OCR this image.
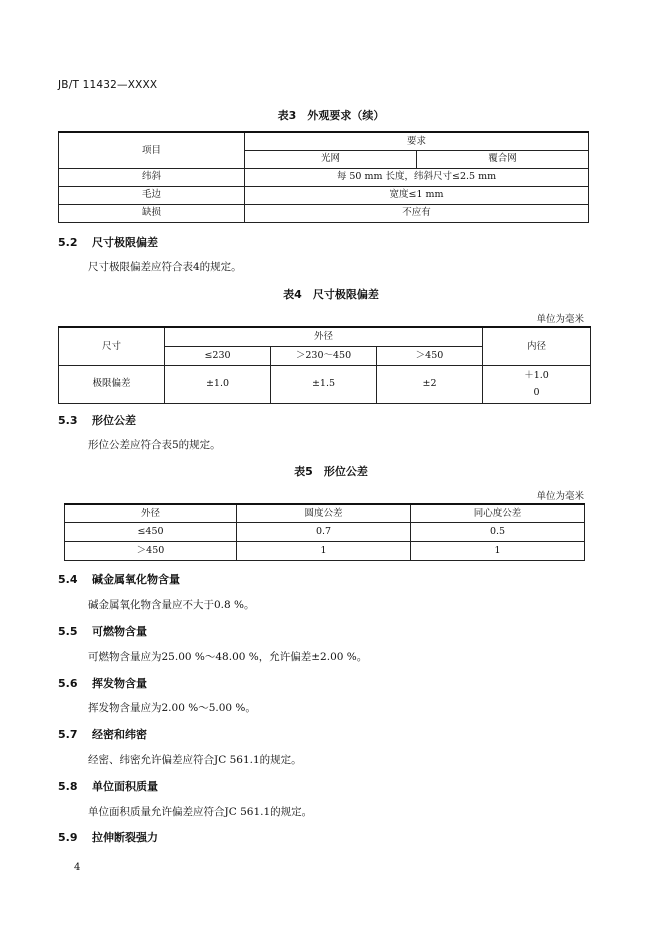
JB/T 11432—XXXX
表3　外观要求（续）
项目	要求	
	光网	覆合网
纬斜	每 50 mm 长度，纬斜尺寸≤2.5 mm	
毛边	宽度≤1 mm	
缺损	不应有	
5.2 尺寸极限偏差
尺寸极限偏差应符合表4的规定。
表4　尺寸极限偏差
单位为毫米
尺寸	外径			内径
	≤230	＞230～450	＞450	
极限偏差	±1.0	±1.5	±2	＋1.0
0
5.3 形位公差
形位公差应符合表5的规定。
表5　形位公差
单位为毫米
外径	圆度公差	同心度公差
≤450	0.7	0.5
＞450	1	1
5.4 碱金属氧化物含量
碱金属氧化物含量应不大于0.8 %。
5.5 可燃物含量
可燃物含量应为25.00 %～48.00 %，允许偏差±2.00 %。
5.6 挥发物含量
挥发物含量应为2.00 %～5.00 %。
5.7 经密和纬密
经密、纬密允许偏差应符合JC 561.1的规定。
5.8 单位面积质量
单位面积质量允许偏差应符合JC 561.1的规定。
5.9 拉伸断裂强力
4
